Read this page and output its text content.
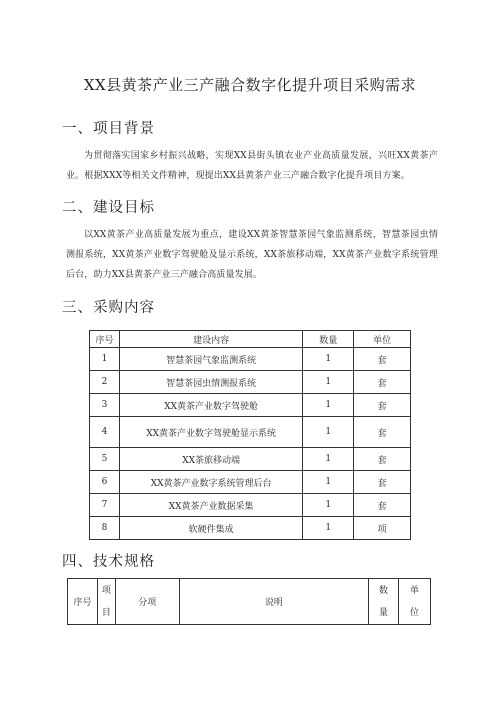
XX县黄茶产业三产融合数字化提升项目采购需求
一、项目背景
为贯彻落实国家乡村振兴战略，实现XX县街头镇农业产业高质量发展，兴旺XX黄茶产业。根据XXX等相关文件精神，现提出XX县黄茶产业三产融合数字化提升项目方案。
二、建设目标
以XX黄茶产业高质量发展为重点，建设XX黄茶智慧茶园气象监测系统，智慧茶园虫情测报系统，XX黄茶产业数字驾驶舱及显示系统，XX茶旅移动端，XX黄茶产业数字系统管理后台，助力XX县黄茶产业三产融合高质量发展。
三、采购内容
序号	建设内容	数量	单位
1	智慧茶园气象监测系统	1	套
2	智慧茶园虫情测报系统	1	套
3	XX黄茶产业数字驾驶舱	1	套
4	XX黄茶产业数字驾驶舱显示系统	1	套
5	XX茶旅移动端	1	套
6	XX黄茶产业数字系统管理后台	1	套
7	XX黄茶产业数据采集	1	套
8	软硬件集成	1	项
四、技术规格
序号	项目	分项	说明	数量	单位
